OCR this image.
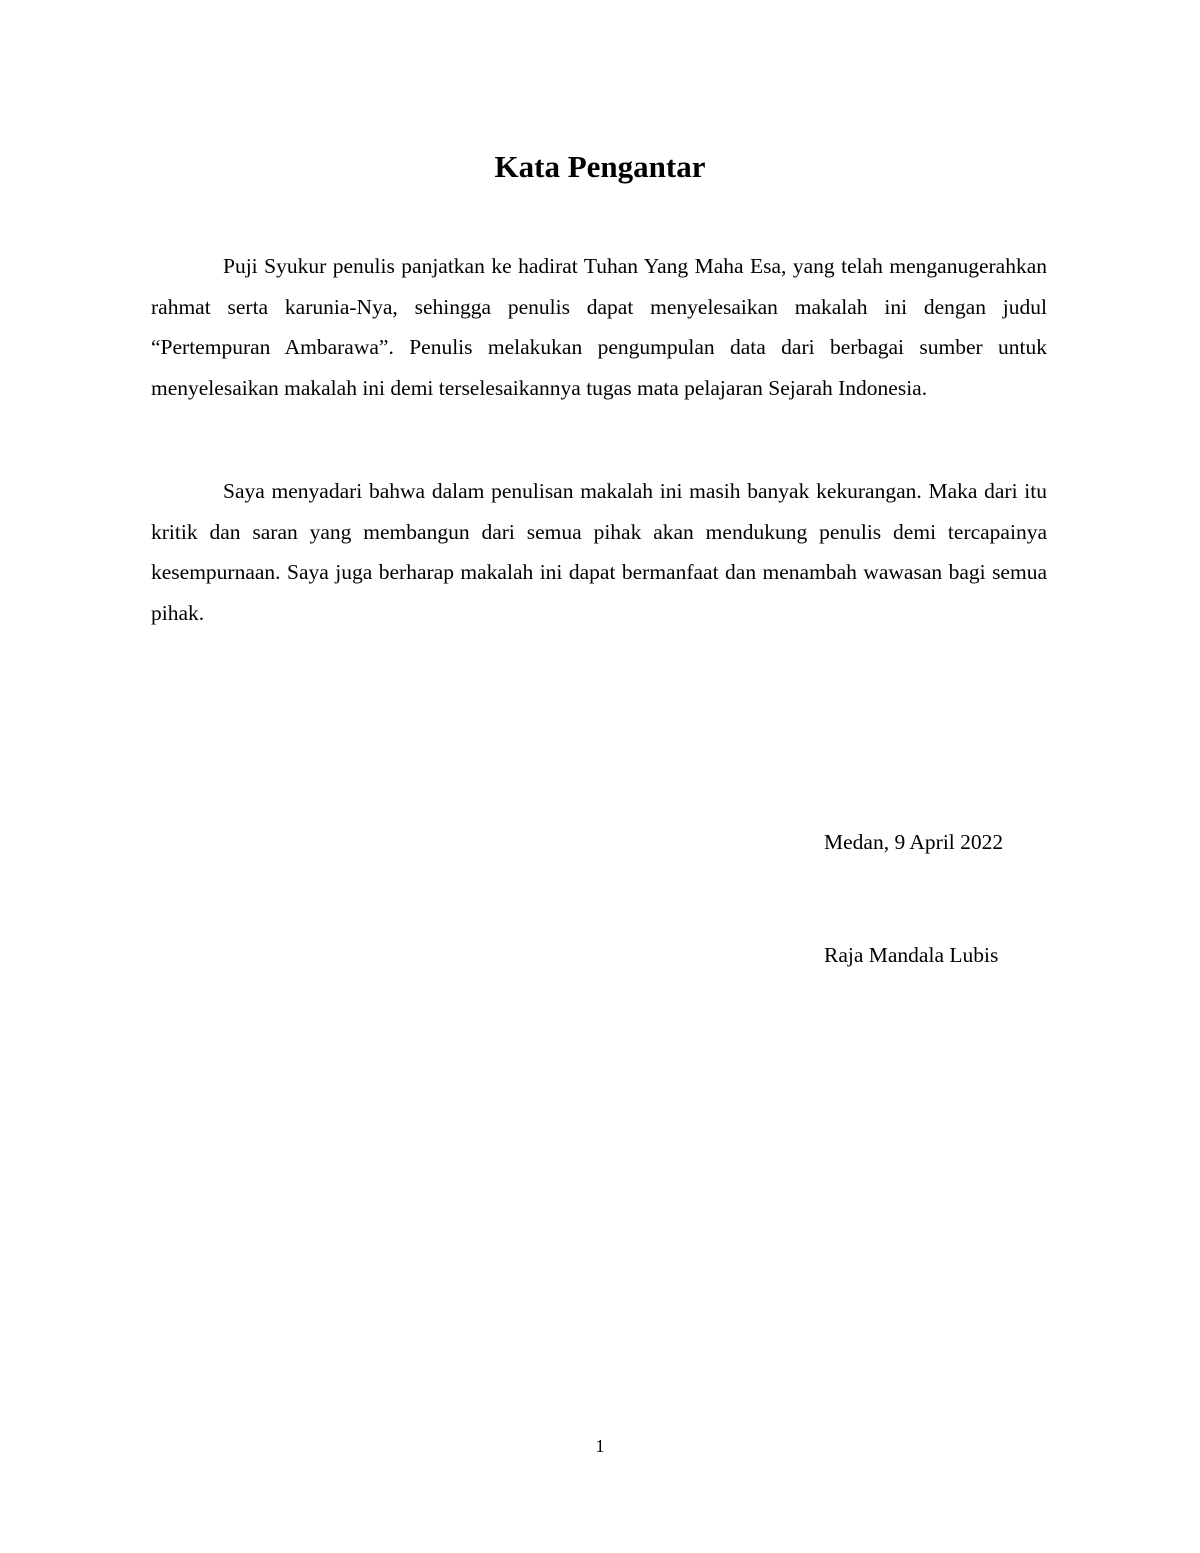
Kata Pengantar

Puji Syukur penulis panjatkan ke hadirat Tuhan Yang Maha Esa, yang telah menganugerahkan rahmat serta karunia-Nya, sehingga penulis dapat menyelesaikan makalah ini dengan judul “Pertempuran Ambarawa”. Penulis melakukan pengumpulan data dari berbagai sumber untuk menyelesaikan makalah ini demi terselesaikannya tugas mata pelajaran Sejarah Indonesia.

Saya menyadari bahwa dalam penulisan makalah ini masih banyak kekurangan. Maka dari itu kritik dan saran yang membangun dari semua pihak akan mendukung penulis demi tercapainya kesempurnaan. Saya juga berharap makalah ini dapat bermanfaat dan menambah wawasan bagi semua pihak.

Medan, 9 April 2022
Raja Mandala Lubis
1
